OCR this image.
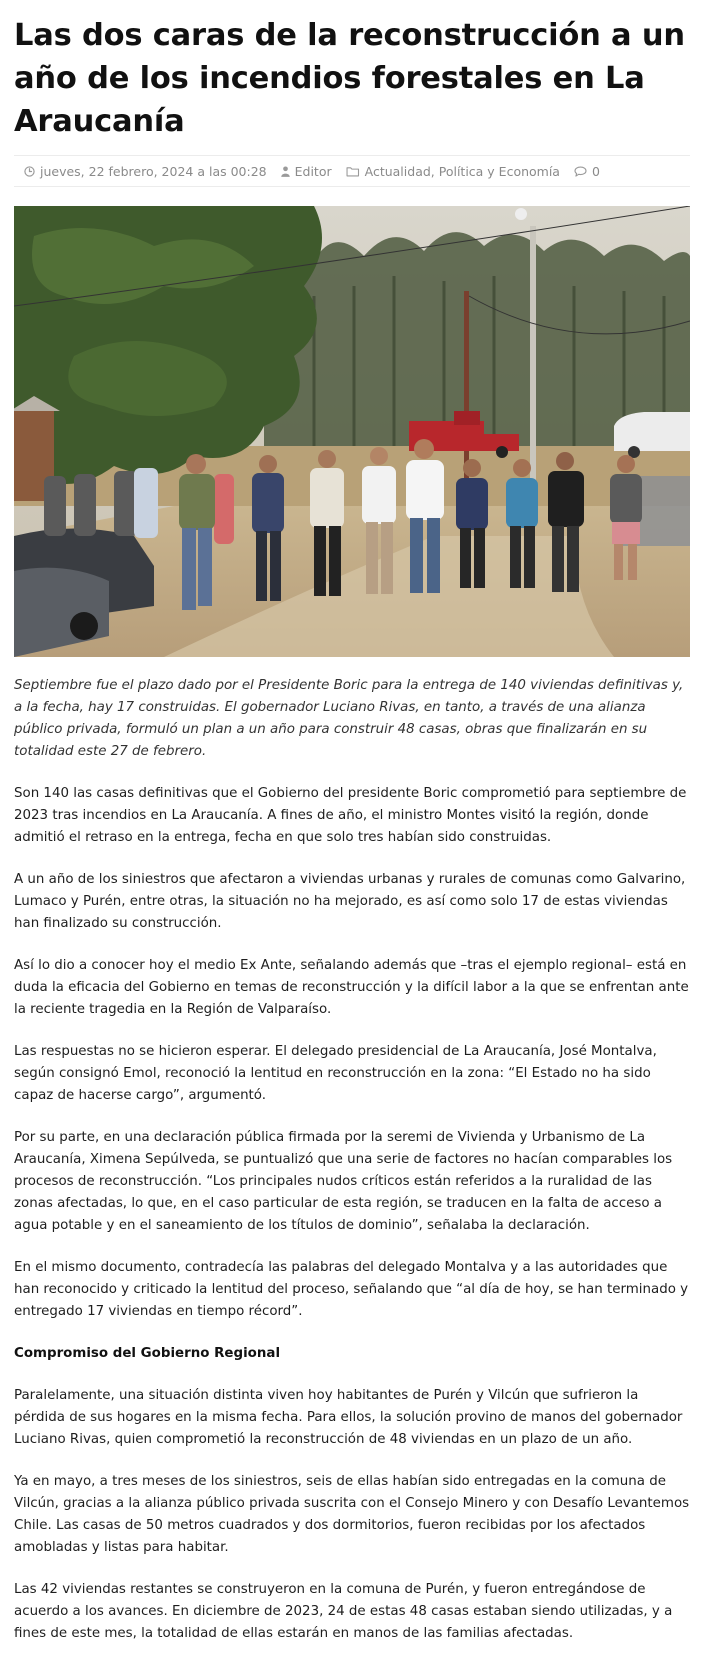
Las dos caras de la reconstrucción a un año de los incendios forestales en La Araucanía
jueves, 22 febrero, 2024 a las 00:28 Editor	Actualidad, Política y Economía	0

Septiembre fue el plazo dado por el Presidente Boric para la entrega de 140 viviendas definitivas y, a la fecha, hay 17 construidas. El gobernador Luciano Rivas, en tanto, a través de una alianza público privada, formuló un plan a un año para construir 48 casas, obras que finalizarán en su totalidad este 27 de febrero.

Son 140 las casas definitivas que el Gobierno del presidente Boric comprometió para septiembre de 2023 tras incendios en La Araucanía. A fines de año, el ministro Montes visitó la región, donde admitió el retraso en la entrega, fecha en que solo tres habían sido construidas.

A un año de los siniestros que afectaron a viviendas urbanas y rurales de comunas como Galvarino, Lumaco y Purén, entre otras, la situación no ha mejorado, es así como solo 17 de estas viviendas han finalizado su construcción.

Así lo dio a conocer hoy el medio Ex Ante, señalando además que –tras el ejemplo regional– está en duda la eficacia del Gobierno en temas de reconstrucción y la difícil labor a la que se enfrentan ante la reciente tragedia en la Región de Valparaíso.

Las respuestas no se hicieron esperar. El delegado presidencial de La Araucanía, José Montalva, según consignó Emol, reconoció la lentitud en reconstrucción en la zona: “El Estado no ha sido capaz de hacerse cargo”, argumentó.

Por su parte, en una declaración pública firmada por la seremi de Vivienda y Urbanismo de La Araucanía, Ximena Sepúlveda, se puntualizó que una serie de factores no hacían comparables los procesos de reconstrucción. “Los principales nudos críticos están referidos a la ruralidad de las zonas afectadas, lo que, en el caso particular de esta región, se traducen en la falta de acceso a agua potable y en el saneamiento de los títulos de dominio”, señalaba la declaración.

En el mismo documento, contradecía las palabras del delegado Montalva y a las autoridades que han reconocido y criticado la lentitud del proceso, señalando que “al día de hoy, se han terminado y entregado 17 viviendas en tiempo récord”.

Compromiso del Gobierno Regional

Paralelamente, una situación distinta viven hoy habitantes de Purén y Vilcún que sufrieron la pérdida de sus hogares en la misma fecha. Para ellos, la solución provino de manos del gobernador Luciano Rivas, quien comprometió la reconstrucción de 48 viviendas en un plazo de un año.

Ya en mayo, a tres meses de los siniestros, seis de ellas habían sido entregadas en la comuna de Vilcún, gracias a la alianza público privada suscrita con el Consejo Minero y con Desafío Levantemos Chile. Las casas de 50 metros cuadrados y dos dormitorios, fueron recibidas por los afectados amobladas y listas para habitar.

Las 42 viviendas restantes se construyeron en la comuna de Purén, y fueron entregándose de acuerdo a los avances. En diciembre de 2023, 24 de estas 48 casas estaban siendo utilizadas, y a fines de este mes, la totalidad de ellas estarán en manos de las familias afectadas.
